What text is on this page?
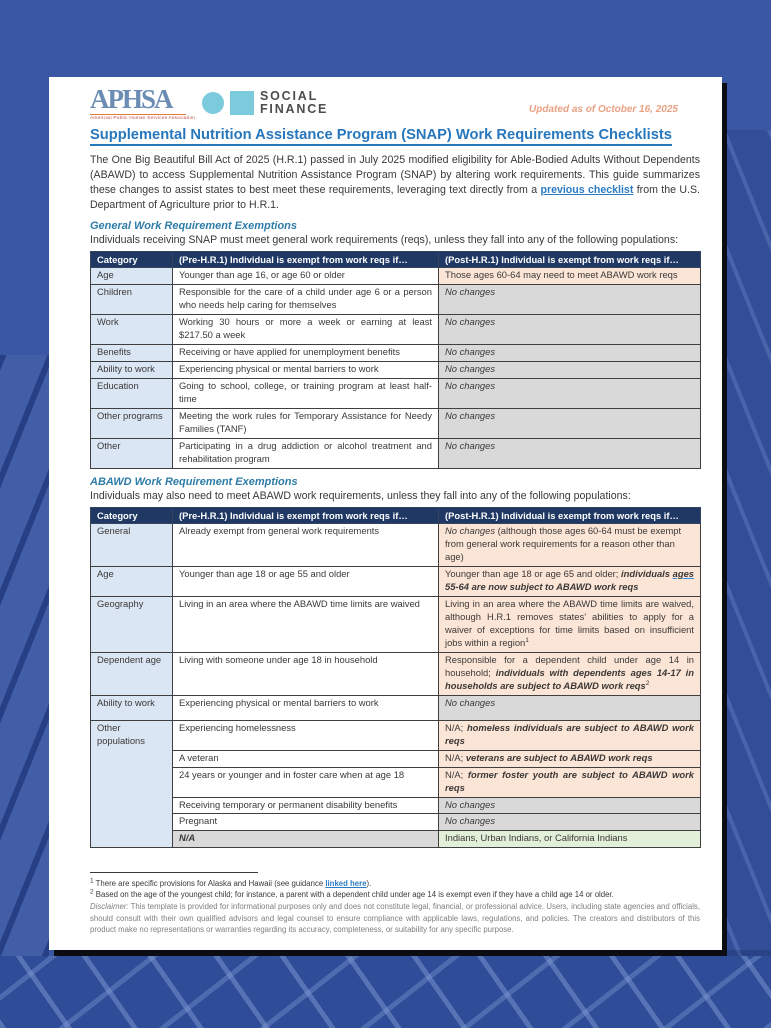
APHSA
American Public Human Services Association
SOCIAL
FINANCE	Updated as of October 16, 2025
Supplemental Nutrition Assistance Program (SNAP) Work Requirements Checklists

The One Big Beautiful Bill Act of 2025 (H.R.1) passed in July 2025 modified eligibility for Able-Bodied Adults Without Dependents (ABAWD) to access Supplemental Nutrition Assistance Program (SNAP) by altering work requirements. This guide summarizes these changes to assist states to best meet these requirements, leveraging text directly from a previous checklist from the U.S. Department of Agriculture prior to H.R.1.

General Work Requirement Exemptions

Individuals receiving SNAP must meet general work requirements (reqs), unless they fall into any of the following populations:

Category	(Pre-H.R.1) Individual is exempt from work reqs if…	(Post-H.R.1) Individual is exempt from work reqs if…
Age	Younger than age 16, or age 60 or older	Those ages 60-64 may need to meet ABAWD work reqs
Children	Responsible for the care of a child under age 6 or a person who needs help caring for themselves	No changes
Work	Working 30 hours or more a week or earning at least $217.50 a week	No changes
Benefits	Receiving or have applied for unemployment benefits	No changes
Ability to work	Experiencing physical or mental barriers to work	No changes
Education	Going to school, college, or training program at least half-time	No changes
Other programs	Meeting the work rules for Temporary Assistance for Needy Families (TANF)	No changes
Other	Participating in a drug addiction or alcohol treatment and rehabilitation program	No changes
ABAWD Work Requirement Exemptions

Individuals may also need to meet ABAWD work requirements, unless they fall into any of the following populations:

Category	(Pre-H.R.1) Individual is exempt from work reqs if…	(Post-H.R.1) Individual is exempt from work reqs if…
General	Already exempt from general work requirements	No changes (although those ages 60-64 must be exempt from general work requirements for a reason other than age)
Age	Younger than age 18 or age 55 and older	Younger than age 18 or age 65 and older; individuals ages 55-64 are now subject to ABAWD work reqs
Geography	Living in an area where the ABAWD time limits are waived	Living in an area where the ABAWD time limits are waived, although H.R.1 removes states’ abilities to apply for a waiver of exceptions for time limits based on insufficient jobs within a region$^1$
Dependent age	Living with someone under age 18 in household	Responsible for a dependent child under age 14 in household; individuals with dependents ages 14-17 in households are subject to ABAWD work reqs$^2$
Ability to work	Experiencing physical or mental barriers to work	No changes
Other populations	Experiencing homelessness	N/A; homeless individuals are subject to ABAWD work reqs
	A veteran	N/A; veterans are subject to ABAWD work reqs
	24 years or younger and in foster care when at age 18	N/A; former foster youth are subject to ABAWD work reqs
	Receiving temporary or permanent disability benefits	No changes
	Pregnant	No changes
	N/A	Indians, Urban Indians, or California Indians

$^1$ There are specific provisions for Alaska and Hawaii (see guidance linked here).

$^2$ Based on the age of the youngest child; for instance, a parent with a dependent child under age 14 is exempt even if they have a child age 14 or older.

Disclaimer: This template is provided for informational purposes only and does not constitute legal, financial, or professional advice. Users, including state agencies and officials, should consult with their own qualified advisors and legal counsel to ensure compliance with applicable laws, regulations, and policies. The creators and distributors of this product make no representations or warranties regarding its accuracy, completeness, or suitability for any specific purpose.
